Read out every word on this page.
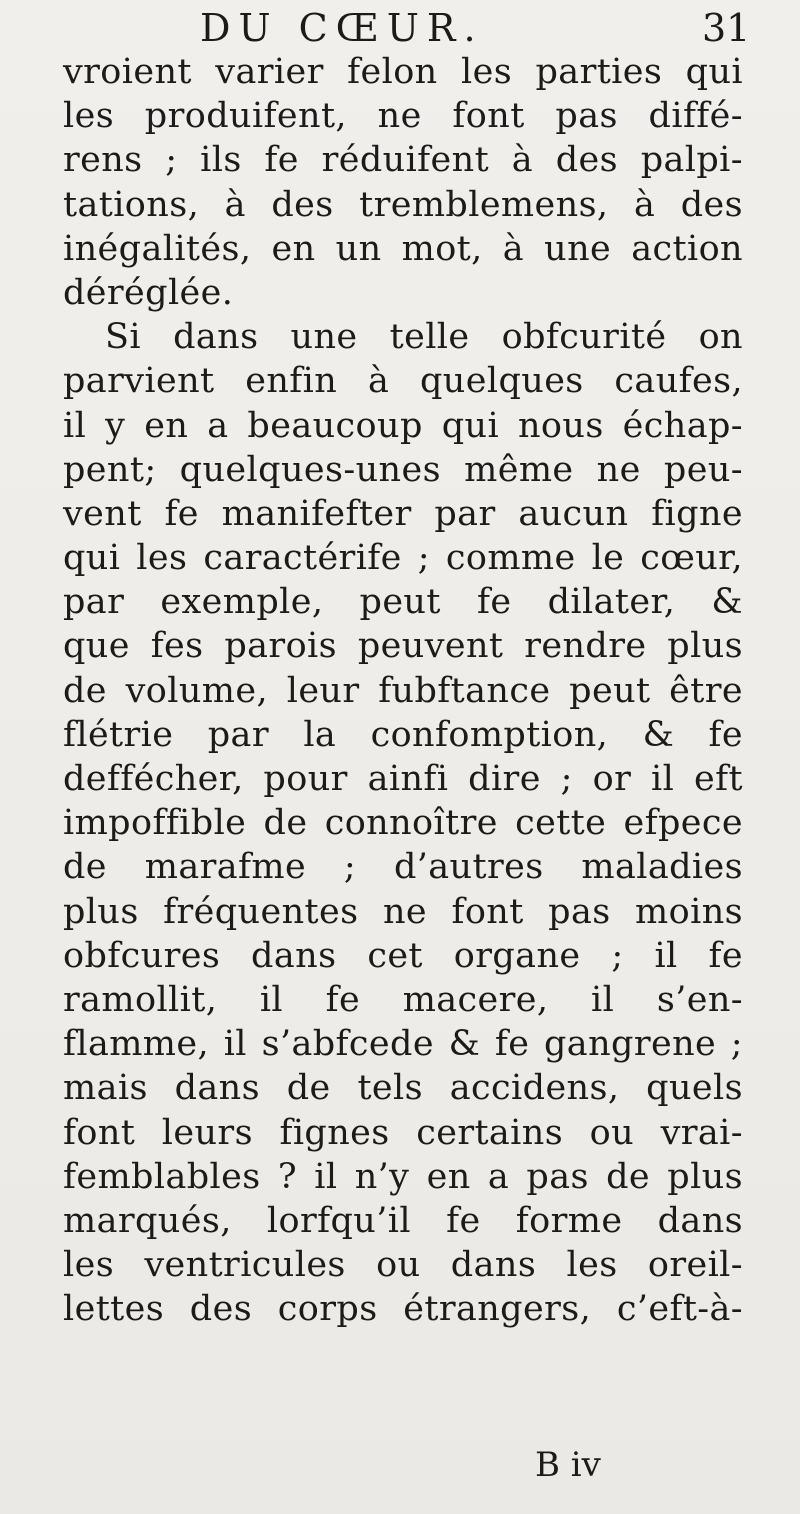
DU CŒUR.	31
vroient varier felon les parties qui
les produifent, ne font pas diffé-
rens ; ils fe réduifent à des palpi-
tations, à des tremblemens, à des
inégalités, en un mot, à une action
déréglée.
Si dans une telle obfcurité on
parvient enfin à quelques caufes,
il y en a beaucoup qui nous échap-
pent; quelques-unes même ne peu-
vent fe manifefter par aucun figne
qui les caractérife ; comme le cœur,
par exemple, peut fe dilater, &
que fes parois peuvent rendre plus
de volume, leur fubftance peut être
flétrie par la confomption, & fe
deffécher, pour ainfi dire ; or il eft
impoffible de connoître cette efpece
de marafme ; d’autres maladies
plus fréquentes ne font pas moins
obfcures dans cet organe ; il fe
ramollit, il fe macere, il s’en-
flamme, il s’abfcede & fe gangrene ;
mais dans de tels accidens, quels
font leurs fignes certains ou vrai-
femblables ? il n’y en a pas de plus
marqués, lorfqu’il fe forme dans
les ventricules ou dans les oreil-
lettes des corps étrangers, c’eft-à-
B iv
